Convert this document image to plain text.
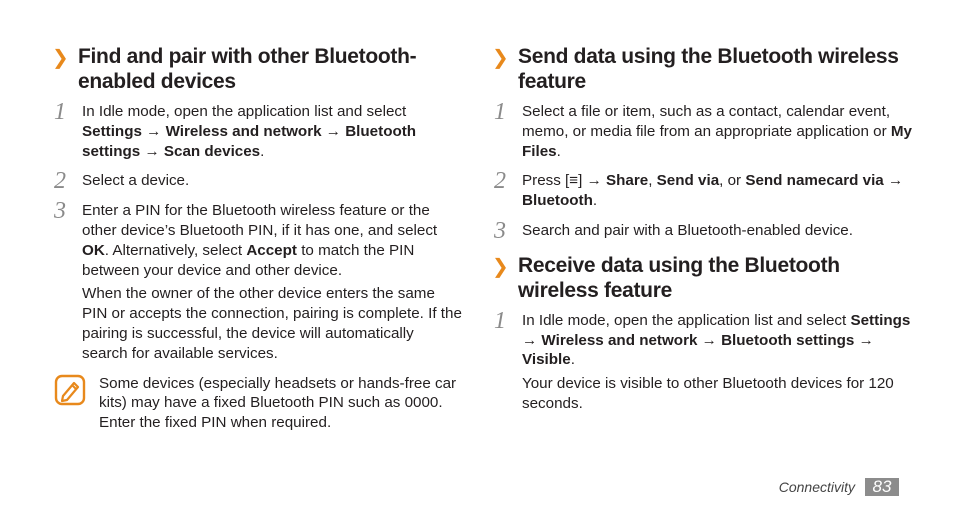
❯ Find and pair with other Bluetooth-enabled devices
1 In Idle mode, open the application list and select Settings → Wireless and network → Bluetooth settings → Scan devices.
2 Select a device.
3 Enter a PIN for the Bluetooth wireless feature or the other device’s Bluetooth PIN, if it has one, and select OK. Alternatively, select Accept to match the PIN between your device and other device.
When the owner of the other device enters the same PIN or accepts the connection, pairing is complete. If the pairing is successful, the device will automatically search for available services.
Some devices (especially headsets or hands-free car kits) may have a fixed Bluetooth PIN such as 0000. Enter the fixed PIN when required.
❯ Send data using the Bluetooth wireless feature
1 Select a file or item, such as a contact, calendar event, memo, or media file from an appropriate application or My Files.
2 Press [≡] → Share, Send via, or Send namecard via → Bluetooth.
3 Search and pair with a Bluetooth-enabled device.
❯ Receive data using the Bluetooth wireless feature
1 In Idle mode, open the application list and select Settings → Wireless and network → Bluetooth settings → Visible.
Your device is visible to other Bluetooth devices for 120 seconds.
Connectivity	83
